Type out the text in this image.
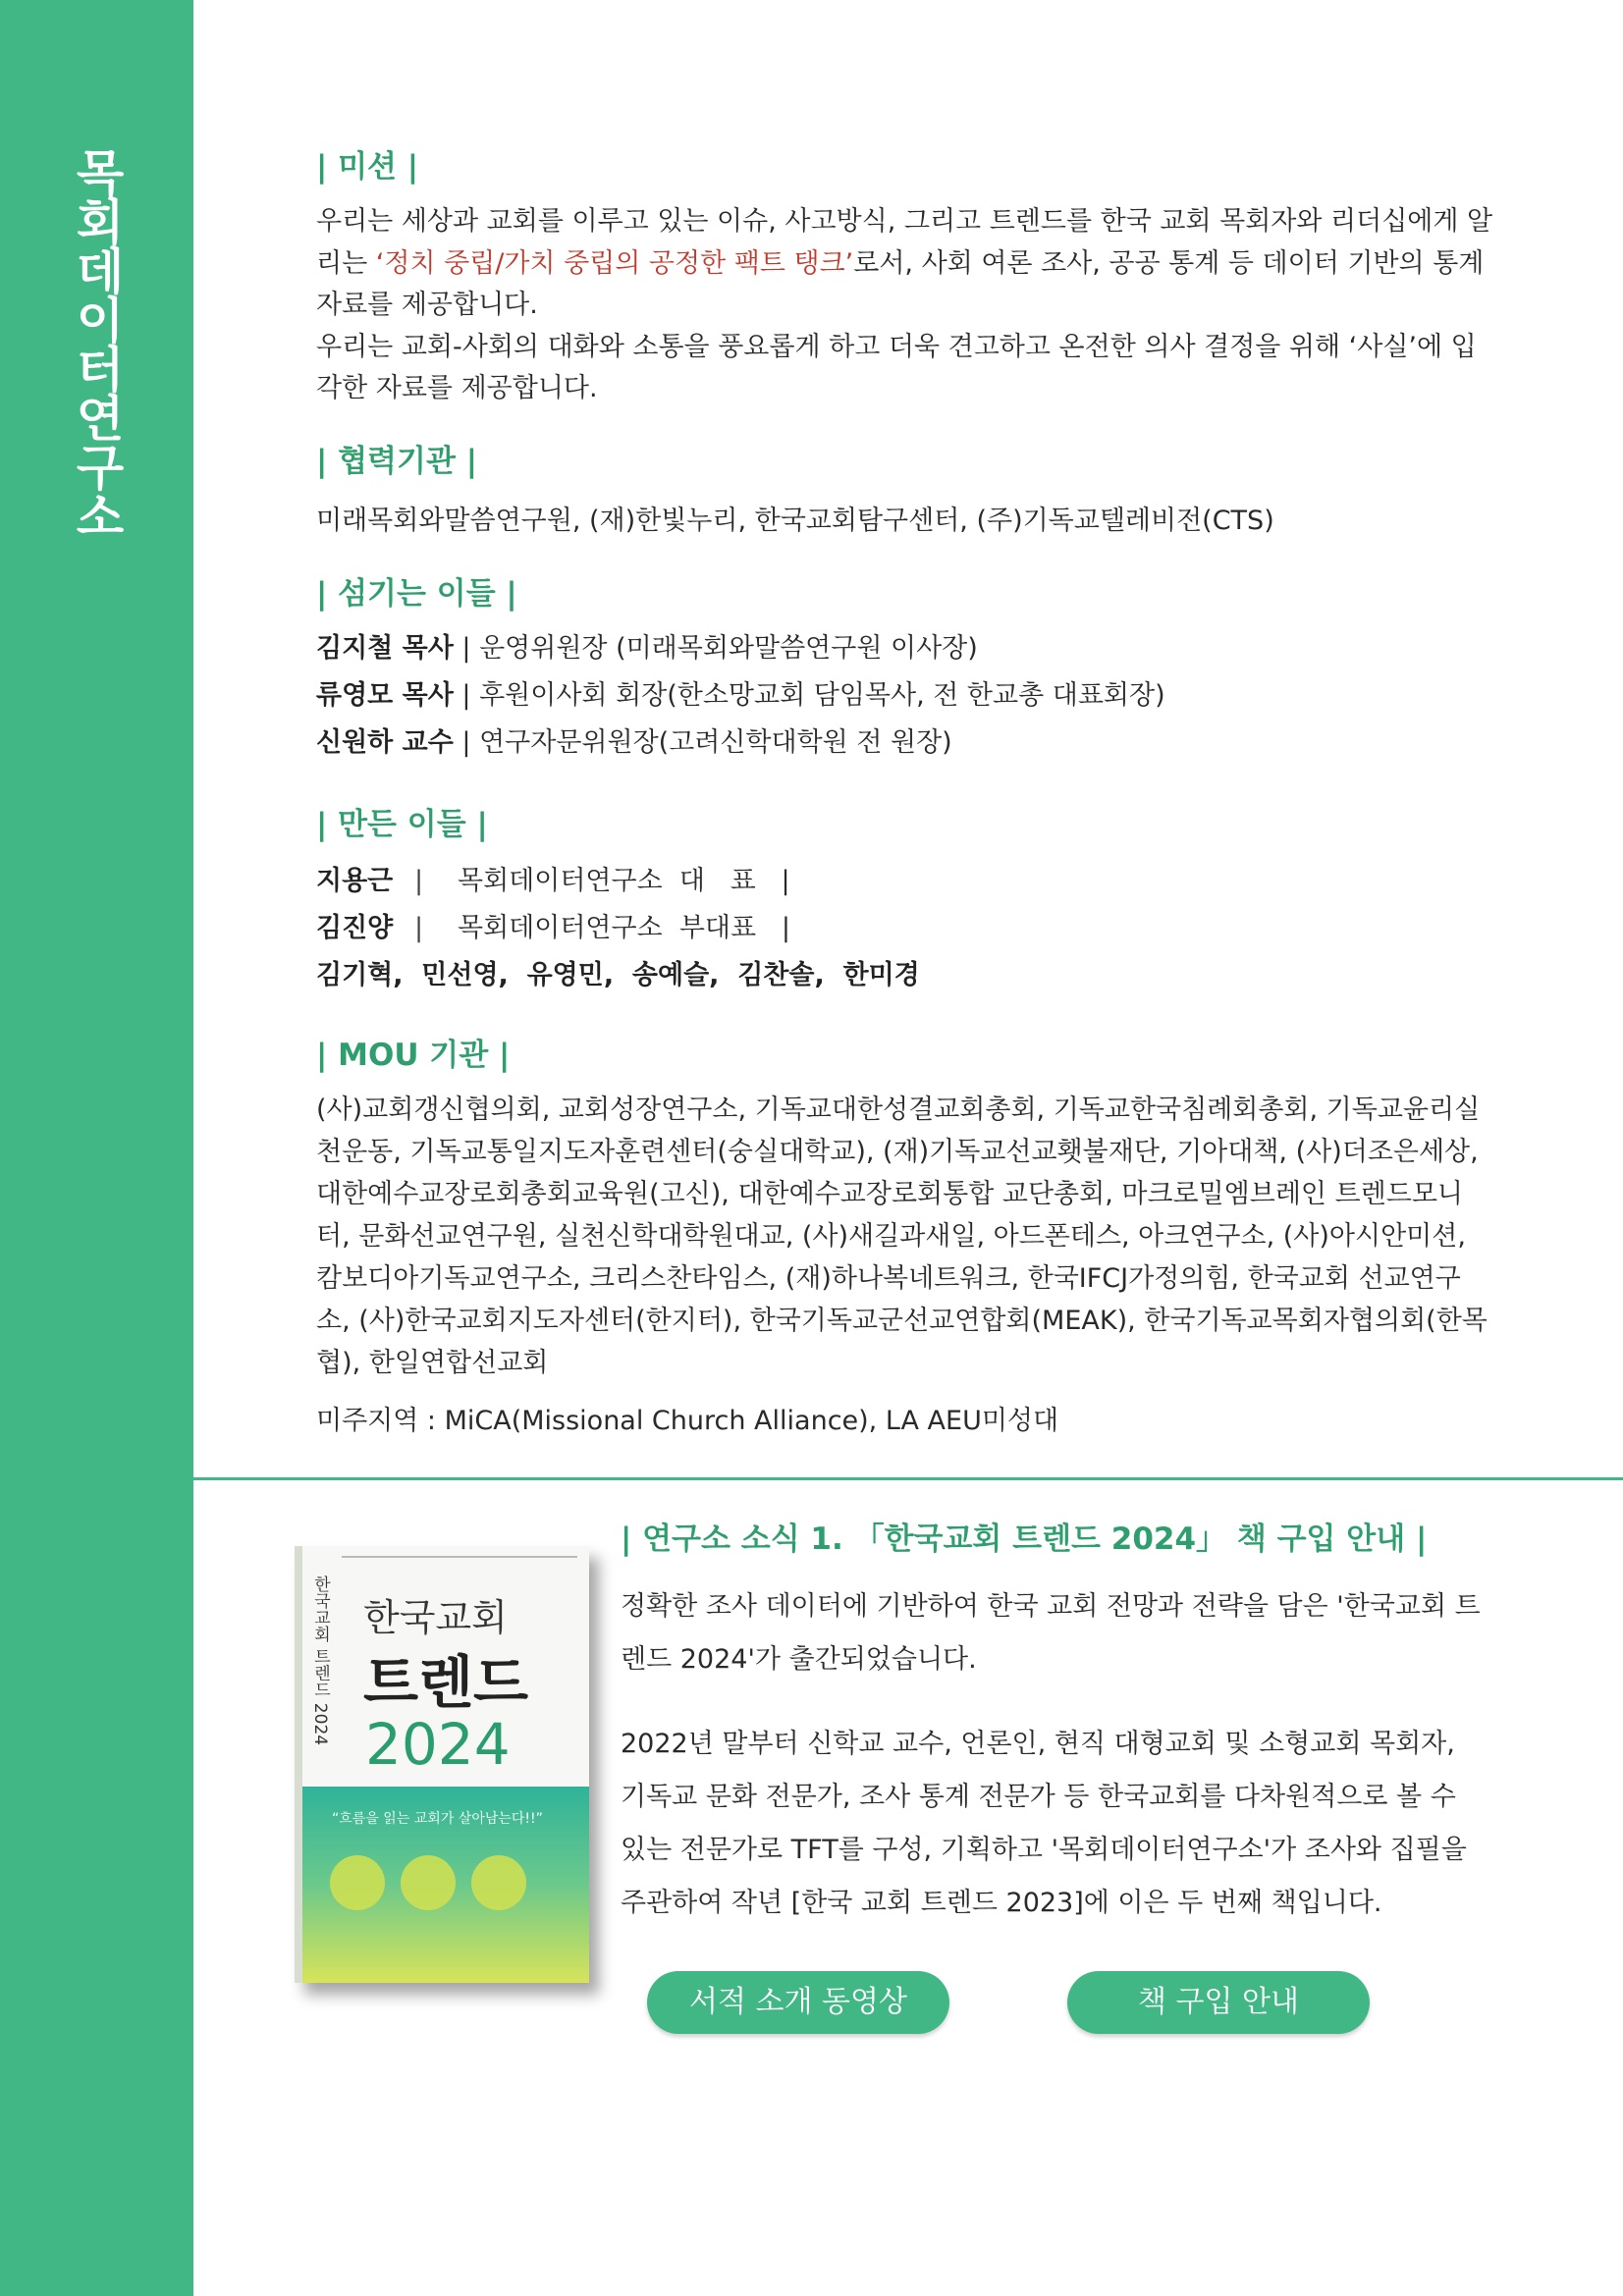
목회데이터연구소	| 미션 |

우리는 세상과 교회를 이루고 있는 이슈, 사고방식, 그리고 트렌드를 한국 교회 목회자와 리더십에게 알리는 ‘정치 중립/가치 중립의 공정한 팩트 탱크’로서, 사회 여론 조사, 공공 통계 등 데이터 기반의 통계 자료를 제공합니다.

우리는 교회-사회의 대화와 소통을 풍요롭게 하고 더욱 견고하고 온전한 의사 결정을 위해 ‘사실’에 입각한 자료를 제공합니다.

| 협력기관 |

미래목회와말씀연구원, (재)한빛누리, 한국교회탐구센터, (주)기독교텔레비전(CTS)

| 섬기는 이들 |
김지철 목사 | 운영위원장 (미래목회와말씀연구원 이사장)
류영모 목사 | 후원이사회 회장(한소망교회 담임목사, 전 한교총 대표회장)
신원하 교수 | 연구자문위원장(고려신학대학원 전 원장)
| 만든 이들 |
지용근 | 목회데이터연구소  대   표   |
김진양 | 목회데이터연구소  부대표   |
김기혁,  민선영,  유영민,  송예슬,  김찬솔,  한미경
| MOU 기관 |

(사)교회갱신협의회, 교회성장연구소, 기독교대한성결교회총회, 기독교한국침례회총회, 기독교윤리실천운동, 기독교통일지도자훈련센터(숭실대학교), (재)기독교선교횃불재단, 기아대책, (사)더조은세상, 대한예수교장로회총회교육원(고신), 대한예수교장로회통합 교단총회, 마크로밀엠브레인 트렌드모니터, 문화선교연구원, 실천신학대학원대교, (사)새길과새일, 아드폰테스, 아크연구소, (사)아시안미션, 캄보디아기독교연구소, 크리스찬타임스, (재)하나복네트워크, 한국IFCJ가정의힘, 한국교회 선교연구소, (사)한국교회지도자센터(한지터), 한국기독교군선교연합회(MEAK), 한국기독교목회자협의회(한목협), 한일연합선교회

미주지역 : MiCA(Missional Church Alliance), LA AEU미성대

한국교회 트렌드 2024 한국교회
트렌드
2024
“흐름을 읽는 교회가 살아남는다!!”
| 연구소 소식 1. 「한국교회 트렌드 2024」 책 구입 안내 |

정확한 조사 데이터에 기반하여 한국 교회 전망과 전략을 담은 '한국교회 트렌드 2024'가 출간되었습니다.

2022년 말부터 신학교 교수, 언론인, 현직 대형교회 및 소형교회 목회자, 기독교 문화 전문가, 조사 통계 전문가 등 한국교회를 다차원적으로 볼 수 있는 전문가로 TFT를 구성, 기획하고 '목회데이터연구소'가 조사와 집필을 주관하여 작년 [한국 교회 트렌드 2023]에 이은 두 번째 책입니다.

서적 소개 동영상	책 구입 안내
